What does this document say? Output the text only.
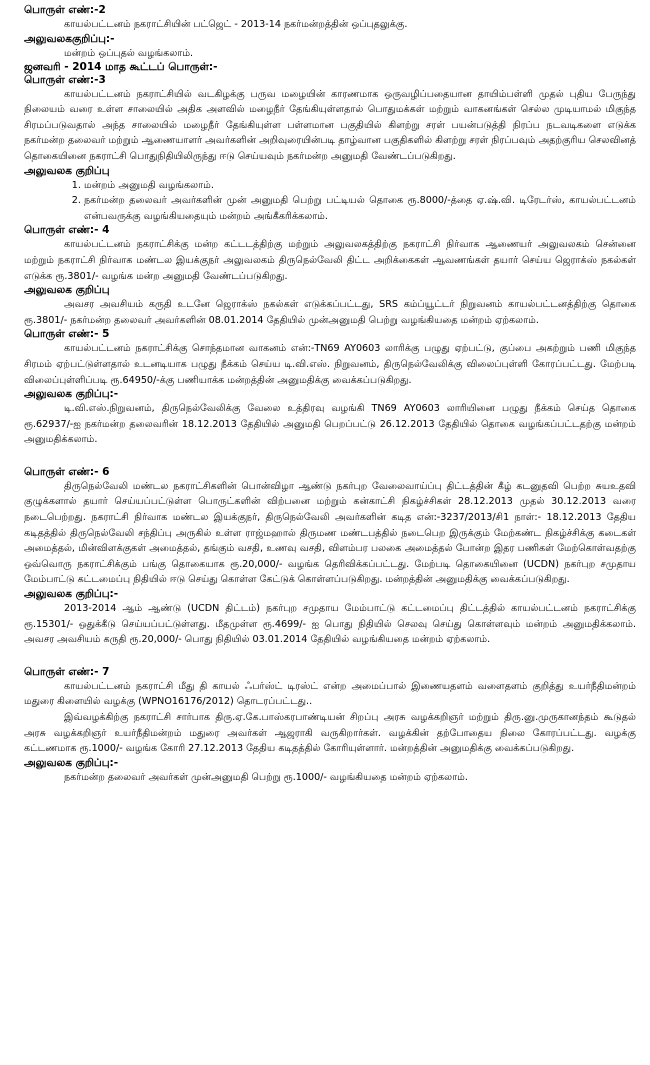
பொருள் எண்:-2

காயல்பட்டனம் நகராட்சியின் பட்ஜெட் - 2013-14 நகர்மன்றத்தின் ஒப்புதலுக்கு.

அலுவலககுறிப்பு:-

மன்றம் ஒப்புதல் வழங்கலாம்.

ஜனவரி - 2014 மாத கூட்டப் பொருள்:-

பொருள் எண்:-3

காயல்பட்டனம் நகராட்சியில் வடகிழக்கு பருவ மழையின் காரணமாக ஒருவழிப்பதையான தாயிம்பள்ளி முதல் புதிய பேருந்து நிலையம் வரை உள்ள சாலையில் அதிக அளவில் மழைநீர் தேங்கியுள்ளதால் பொதுமக்கள் மற்றும் வாகனங்கள் செல்ல முடியாமல் மிகுந்த சிரமப்படுவதால் அந்த சாலையில் மழைநீர் தேங்கியுள்ள பள்ளமான பகுதியில் கிளற்று சரள் பயன்படுத்தி நிரப்ப நடவடிகளை எடுக்க நகர்மன்ற தலைவர் மற்றும் ஆணையாளர் அவர்களின் அறிவுரையின்படி தாழ்வான பகுதிகளில் கிளற்று சரள் நிரப்பவும் அதற்குரிய செலவினத் தொகையினை நகராட்சி பொதுநிதியிலிருந்து ஈடு செய்யவும் நகர்மன்ற அனுமதி வேண்டப்படுகிறது.

அலுவலக குறிப்பு

1. மன்றம் அனுமதி வழங்கலாம்.
2. நகர்மன்ற தலைவர் அவர்களின் முன் அனுமதி பெற்று பட்டியல் தொகை ரூ.8000/-த்தை ஏ.ஷ்.வி. டிரேடர்ஸ், காயல்பட்டனம் என்பவருக்கு வழங்கியதையும் மன்றம் அங்கீகரிக்கலாம்.

பொருள் எண்:- 4

காயல்பட்டனம் நகராட்சிக்கு மன்ற கட்டடத்திற்கு மற்றும் அலுவலகத்திற்கு நகராட்சி நிர்வாக ஆணையர் அலுவலகம் சென்னை மற்றும் நகராட்சி நிர்வாக மண்டல இயக்குநர் அலுவலகம் திருநெல்வேலி திட்ட அறிக்கைகள் ஆவணங்கள் தயார் செய்ய ஜெராக்ஸ் நகல்கள் எடுக்க ரூ.3801/- வழங்க மன்ற அனுமதி வேண்டப்படுகிறது.

அலுவலக குறிப்பு

அவசர அவசியம் கருதி உடனே ஜெராக்ஸ் நகல்கள் எடுக்கப்பட்டது, SRS கம்ப்யூட்டர் நிறுவனம் காயல்பட்டனத்திற்கு தொகை ரூ.3801/- நகர்மன்ற தலைவர் அவர்களின் 08.01.2014 தேதியில் முன்அனுமதி பெற்று வழங்கியதை மன்றம் ஏற்கலாம்.

பொருள் எண்:- 5

காயல்பட்டனம் நகராட்சிக்கு சொந்தமான வாகனம் என்:-TN69 AY0603 லாரிக்கு பழுது ஏற்பட்டு, குப்பை அகற்றும் பணி மிகுந்த சிரமம் ஏற்பட்டுள்ளதால் உடனடியாக பழுது நீக்கம் செய்ய டி.வி.எஸ். நிறுவனம், திருநெல்வேலிக்கு விலைப்புள்ளி கோரப்பட்டது. மேற்படி விலைப்புள்ளிப்படி ரூ.64950/-க்கு பணியாக்க மன்றத்தின் அனுமதிக்கு வைக்கப்படுகிறது.

அலுவலக குறிப்பு:-

டி.வி.எஸ்.நிறுவனம், திருநெல்வேலிக்கு வேலை உத்திரவு வழங்கி TN69 AY0603 லாரியினை பழுது நீக்கம் செய்த தொகை ரூ.62937/-ஐ நகர்மன்ற தலைவரின் 18.12.2013 தேதியில் அனுமதி பெறப்பட்டு 26.12.2013 தேதியில் தொகை வழங்கப்பட்டதற்கு மன்றம் அனுமதிக்கலாம்.

பொருள் எண்:- 6

திருநெல்வேலி மண்டல நகராட்சிகளின் பொன்விழா ஆண்டு நகர்புற வேலைவாய்ப்பு திட்டத்தின் கீழ் கடனுதவி பெற்ற சுயஉதவி குழுக்களால் தயார் செய்யப்பட்டுள்ள பொருட்களின் விற்பனை மற்றும் கன்காட்சி நிகழ்ச்சிகள் 28.12.2013 முதல் 30.12.2013 வரை நடைபெற்றது. நகராட்சி நிர்வாக மண்டல இயக்குநர், திருநெல்வேலி அவர்களின் கடித என்:-3237/2013/சி1 நாள்:- 18.12.2013 தேதிய கடிதத்தில் திருநெல்வேலி சந்திப்பு அருகில் உள்ள ராஜ்மஹால் திருமண மண்டபத்தில் நடைபெற இருக்கும் மேற்கண்ட நிகழ்ச்சிக்கு கடைகள் அமைத்தல், மின்விளக்குகள் அமைத்தல், தங்கும் வசதி, உணவு வசதி, விளம்பர பலகை அமைத்தல் போன்ற இதர பணிகள் மேற்கொள்வதற்கு ஒவ்வொரு நகராட்சிக்கும் பங்கு தொகையாக ரூ.20,000/- வழங்க தெரிவிக்கப்பட்டது. மேற்படி தொகையினை (UCDN) நகர்புற சமுதாய மேம்பாட்டு கட்டமைப்பு நிதியில் ஈடு செய்து கொள்ள கேட்டுக் கொள்ளப்படுகிறது. மன்றத்தின் அனுமதிக்கு வைக்கப்படுகிறது.

அலுவலக குறிப்பு:-

2013-2014 ஆம் ஆண்டு (UCDN திட்டம்) நகர்புற சமுதாய மேம்பாட்டு கட்டமைப்பு திட்டத்தில் காயல்பட்டனம் நகராட்சிக்கு ரூ.15301/- ஒதுக்கீடு செய்யப்பட்டுள்ளது. மீதமுள்ள ரூ.4699/- ஐ பொது நிதியில் செலவு செய்து கொள்ளவும் மன்றம் அனுமதிக்கலாம். அவசர அவசியம் கருதி ரூ.20,000/- பொது நிதியில் 03.01.2014 தேதியில் வழங்கியதை மன்றம் ஏற்கலாம்.

பொருள் எண்:- 7

காயல்பட்டனம் நகராட்சி மீது தி காயல் ஃபர்ஸ்ட் டிரஸ்ட் என்ற அமைப்பால் இணையதளம் வளைதளம் குறித்து உயர்நீதிமன்றம் மதுரை கிளையில் வழக்கு (WPNO16176/2012) தொடரப்பட்டது..

இவ்வழக்கிற்கு நகராட்சி சார்பாக திரு.ஏ.கே.பாஸ்கரபாண்டியன் சிறப்பு அரசு வழக்கறிஞர் மற்றும் திரு.னு.முருகானந்தம் கூடுதல் அரசு வழக்கறிஞர் உயர்நீதிமன்றம் மதுரை அவர்கள் ஆஜராகி வருகிறார்கள். வழக்கின் தற்போதைய நிலை கோரப்பட்டது. வழக்கு கட்டணமாக ரூ.1000/- வழங்க கோரி 27.12.2013 தேதிய கடிதத்தில் கோரியுள்ளார். மன்றத்தின் அனுமதிக்கு வைக்கப்படுகிறது.

அலுவலக குறிப்பு:-

நகர்மன்ற தலைவர் அவர்கள் முன்அனுமதி பெற்று ரூ.1000/- வழங்கியதை மன்றம் ஏற்கலாம்.
